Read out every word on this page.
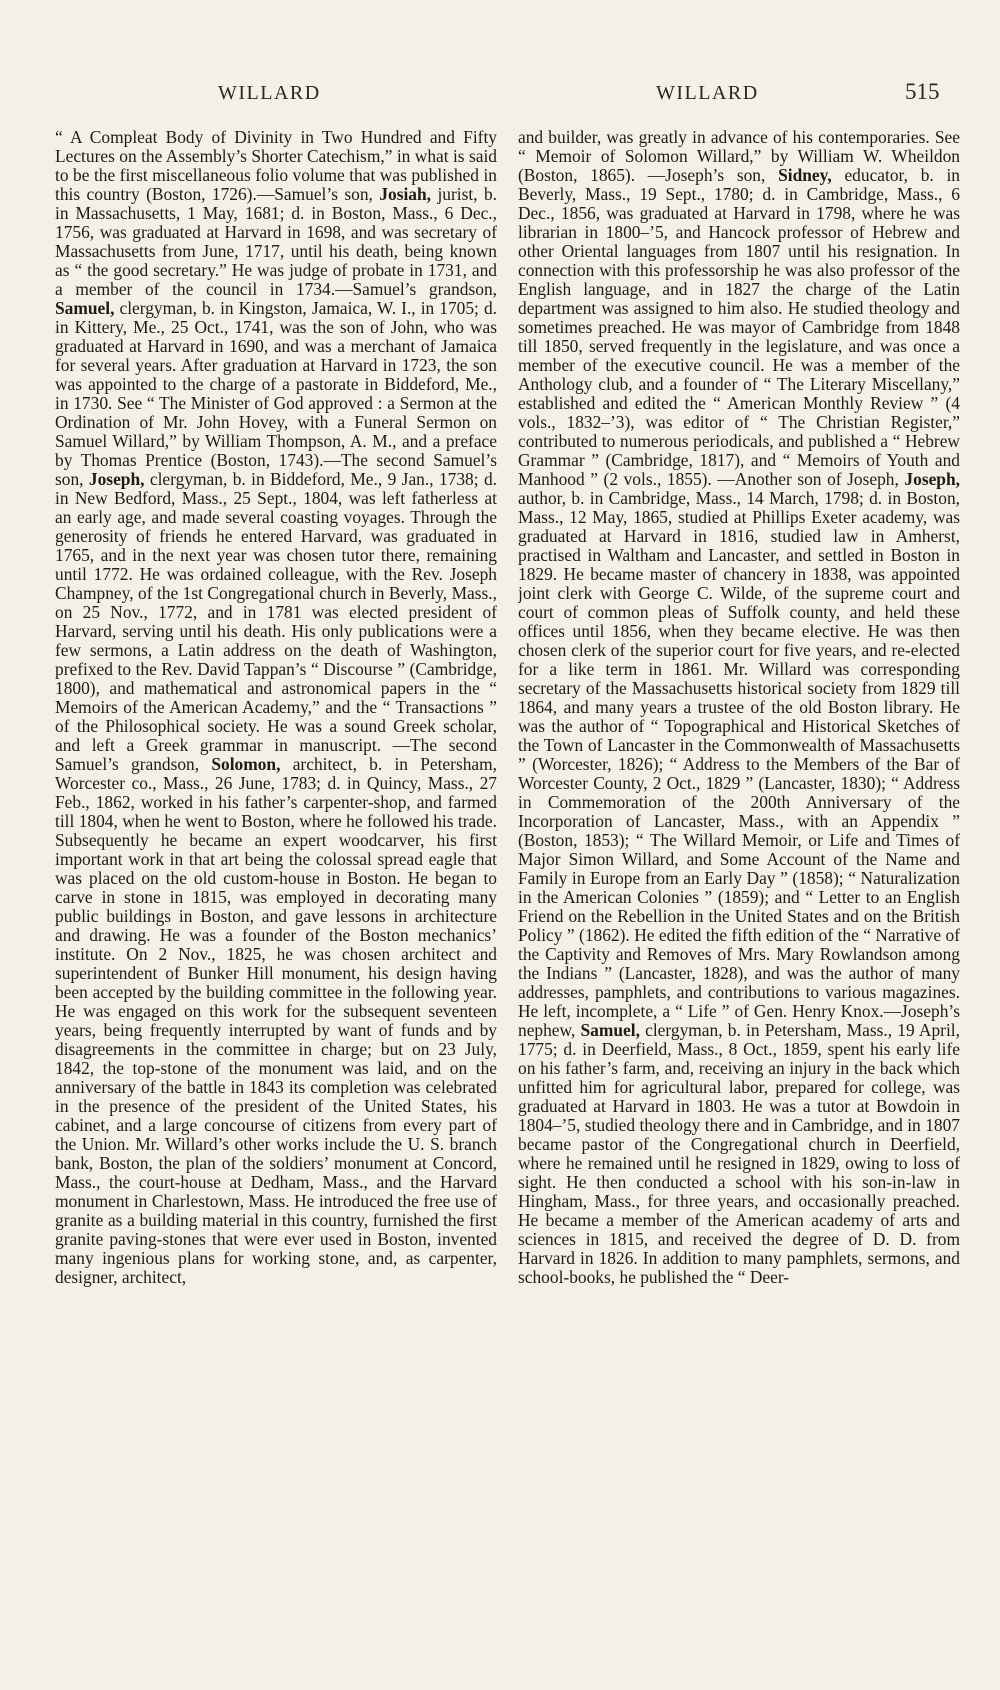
WILLARD	WILLARD	515

“ A Compleat Body of Divinity in Two Hundred and Fifty Lectures on the Assembly’s Shorter Catechism,” in what is said to be the first miscellaneous folio volume that was published in this country (Boston, 1726).—Samuel’s son, Josiah, jurist, b. in Massachusetts, 1 May, 1681; d. in Boston, Mass., 6 Dec., 1756, was graduated at Harvard in 1698, and was secretary of Massachusetts from June, 1717, until his death, being known as “ the good secretary.” He was judge of probate in 1731, and a member of the council in 1734.—Samuel’s grandson, Samuel, clergyman, b. in Kingston, Jamaica, W. I., in 1705; d. in Kittery, Me., 25 Oct., 1741, was the son of John, who was graduated at Harvard in 1690, and was a merchant of Jamaica for several years. After graduation at Harvard in 1723, the son was appointed to the charge of a pastorate in Biddeford, Me., in 1730. See “ The Minister of God approved : a Sermon at the Ordination of Mr. John Hovey, with a Funeral Sermon on Samuel Willard,” by William Thompson, A. M., and a preface by Thomas Prentice (Boston, 1743).—The second Samuel’s son, Joseph, clergyman, b. in Biddeford, Me., 9 Jan., 1738; d. in New Bedford, Mass., 25 Sept., 1804, was left fatherless at an early age, and made several coasting voyages. Through the generosity of friends he entered Harvard, was graduated in 1765, and in the next year was chosen tutor there, remaining until 1772. He was ordained colleague, with the Rev. Joseph Champney, of the 1st Congregational church in Beverly, Mass., on 25 Nov., 1772, and in 1781 was elected president of Harvard, serving until his death. His only publications were a few sermons, a Latin address on the death of Washington, prefixed to the Rev. David Tappan’s “ Discourse ” (Cambridge, 1800), and mathematical and astronomical papers in the “ Memoirs of the American Academy,” and the “ Transactions ” of the Philosophical society. He was a sound Greek scholar, and left a Greek grammar in manuscript. —The second Samuel’s grandson, Solomon, architect, b. in Petersham, Worcester co., Mass., 26 June, 1783; d. in Quincy, Mass., 27 Feb., 1862, worked in his father’s carpenter-shop, and farmed till 1804, when he went to Boston, where he followed his trade. Subsequently he became an expert woodcarver, his first important work in that art being the colossal spread eagle that was placed on the old custom-house in Boston. He began to carve in stone in 1815, was employed in decorating many public buildings in Boston, and gave lessons in architecture and drawing. He was a founder of the Boston mechanics’ institute. On 2 Nov., 1825, he was chosen architect and superintendent of Bunker Hill monument, his design having been accepted by the building committee in the following year. He was engaged on this work for the subsequent seventeen years, being frequently interrupted by want of funds and by disagreements in the committee in charge; but on 23 July, 1842, the top-stone of the monument was laid, and on the anniversary of the battle in 1843 its completion was celebrated in the presence of the president of the United States, his cabinet, and a large concourse of citizens from every part of the Union. Mr. Willard’s other works include the U. S. branch bank, Boston, the plan of the soldiers’ monument at Concord, Mass., the court-house at Dedham, Mass., and the Harvard monument in Charlestown, Mass. He introduced the free use of granite as a building material in this country, furnished the first granite paving-stones that were ever used in Boston, invented many ingenious plans for working stone, and, as carpenter, designer, architect,

and builder, was greatly in advance of his contemporaries. See “ Memoir of Solomon Willard,” by William W. Wheildon (Boston, 1865). —Joseph’s son, Sidney, educator, b. in Beverly, Mass., 19 Sept., 1780; d. in Cambridge, Mass., 6 Dec., 1856, was graduated at Harvard in 1798, where he was librarian in 1800–’5, and Hancock professor of Hebrew and other Oriental languages from 1807 until his resignation. In connection with this professorship he was also professor of the English language, and in 1827 the charge of the Latin department was assigned to him also. He studied theology and sometimes preached. He was mayor of Cambridge from 1848 till 1850, served frequently in the legislature, and was once a member of the executive council. He was a member of the Anthology club, and a founder of “ The Literary Miscellany,” established and edited the “ American Monthly Review ” (4 vols., 1832–’3), was editor of “ The Christian Register,” contributed to numerous periodicals, and published a “ Hebrew Grammar ” (Cambridge, 1817), and “ Memoirs of Youth and Manhood ” (2 vols., 1855). —Another son of Joseph, Joseph, author, b. in Cambridge, Mass., 14 March, 1798; d. in Boston, Mass., 12 May, 1865, studied at Phillips Exeter academy, was graduated at Harvard in 1816, studied law in Amherst, practised in Waltham and Lancaster, and settled in Boston in 1829. He became master of chancery in 1838, was appointed joint clerk with George C. Wilde, of the supreme court and court of common pleas of Suffolk county, and held these offices until 1856, when they became elective. He was then chosen clerk of the superior court for five years, and re-elected for a like term in 1861. Mr. Willard was corresponding secretary of the Massachusetts historical society from 1829 till 1864, and many years a trustee of the old Boston library. He was the author of “ Topographical and Historical Sketches of the Town of Lancaster in the Commonwealth of Massachusetts ” (Worcester, 1826); “ Address to the Members of the Bar of Worcester County, 2 Oct., 1829 ” (Lancaster, 1830); “ Address in Commemoration of the 200th Anniversary of the Incorporation of Lancaster, Mass., with an Appendix ” (Boston, 1853); “ The Willard Memoir, or Life and Times of Major Simon Willard, and Some Account of the Name and Family in Europe from an Early Day ” (1858); “ Naturalization in the American Colonies ” (1859); and “ Letter to an English Friend on the Rebellion in the United States and on the British Policy ” (1862). He edited the fifth edition of the “ Narrative of the Captivity and Removes of Mrs. Mary Rowlandson among the Indians ” (Lancaster, 1828), and was the author of many addresses, pamphlets, and contributions to various magazines. He left, incomplete, a “ Life ” of Gen. Henry Knox.—Joseph’s nephew, Samuel, clergyman, b. in Petersham, Mass., 19 April, 1775; d. in Deerfield, Mass., 8 Oct., 1859, spent his early life on his father’s farm, and, receiving an injury in the back which unfitted him for agricultural labor, prepared for college, was graduated at Harvard in 1803. He was a tutor at Bowdoin in 1804–’5, studied theology there and in Cambridge, and in 1807 became pastor of the Congregational church in Deerfield, where he remained until he resigned in 1829, owing to loss of sight. He then conducted a school with his son-in-law in Hingham, Mass., for three years, and occasionally preached. He became a member of the American academy of arts and sciences in 1815, and received the degree of D. D. from Harvard in 1826. In addition to many pamphlets, sermons, and school-books, he published the “ Deer-
